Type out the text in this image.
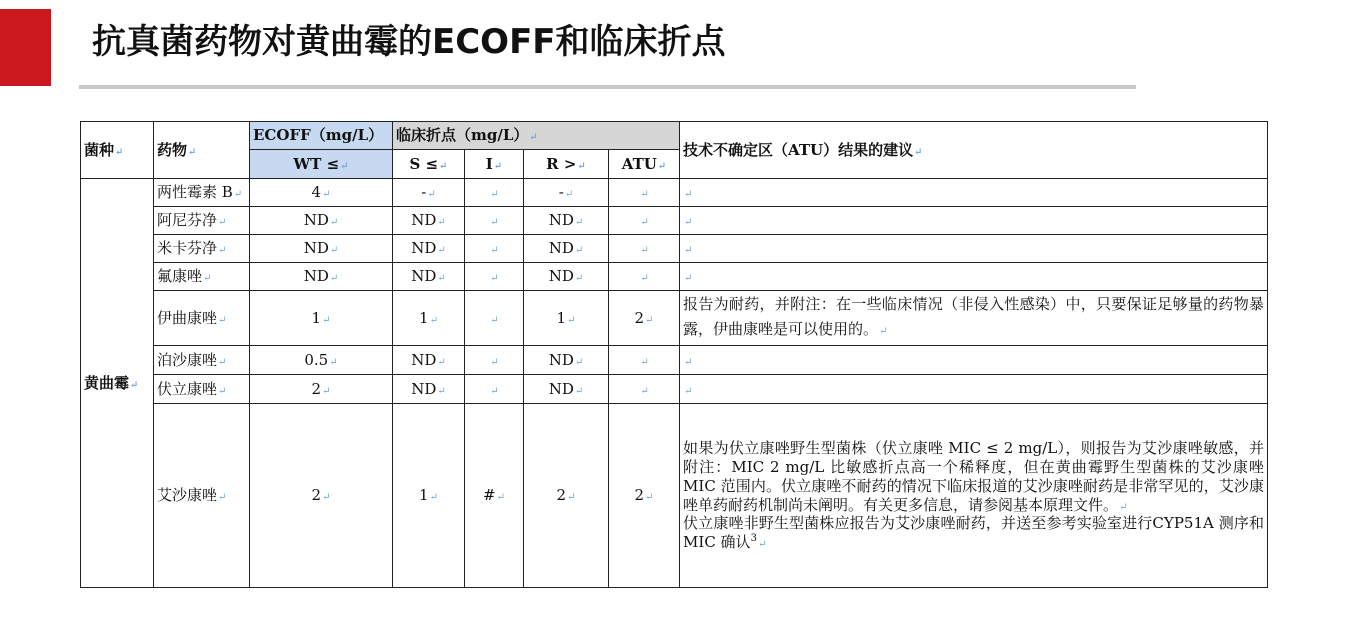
抗真菌药物对黄曲霉的ECOFF和临床折点
菌种↵	药物↵	ECOFF（mg/L）	临床折点（mg/L）↵				技术不确定区（ATU）结果的建议↵
		WT ≤↵	S ≤↵	I↵	R >↵	ATU↵	
黄曲霉↵	两性霉素 B↵	4↵	-↵	↵	-↵	↵	↵
	阿尼芬净↵	ND↵	ND↵	↵	ND↵	↵	↵
	米卡芬净↵	ND↵	ND↵	↵	ND↵	↵	↵
	氟康唑↵	ND↵	ND↵	↵	ND↵	↵	↵
	伊曲康唑↵	1↵	1↵	↵	1↵	2↵	报告为耐药，并附注：在一些临床情况（非侵入性感染）中，只要保证足够量的药物暴露，伊曲康唑是可以使用的。↵
	泊沙康唑↵	0.5↵	ND↵	↵	ND↵	↵	↵
	伏立康唑↵	2↵	ND↵	↵	ND↵	↵	↵
	艾沙康唑↵	2↵	1↵	#↵	2↵	2↵	如果为伏立康唑野生型菌株（伏立康唑 MIC ≤ 2 mg/L），则报告为艾沙康唑敏感，并附注：MIC 2 mg/L 比敏感折点高一个稀释度，但在黄曲霉野生型菌株的艾沙康唑 MIC 范围内。伏立康唑不耐药的情况下临床报道的艾沙康唑耐药是非常罕见的，艾沙康唑单药耐药机制尚未阐明。有关更多信息，请参阅基本原理文件。↵
伏立康唑非野生型菌株应报告为艾沙康唑耐药，并送至参考实验室进行CYP51A 测序和 MIC 确认$^3$↵
